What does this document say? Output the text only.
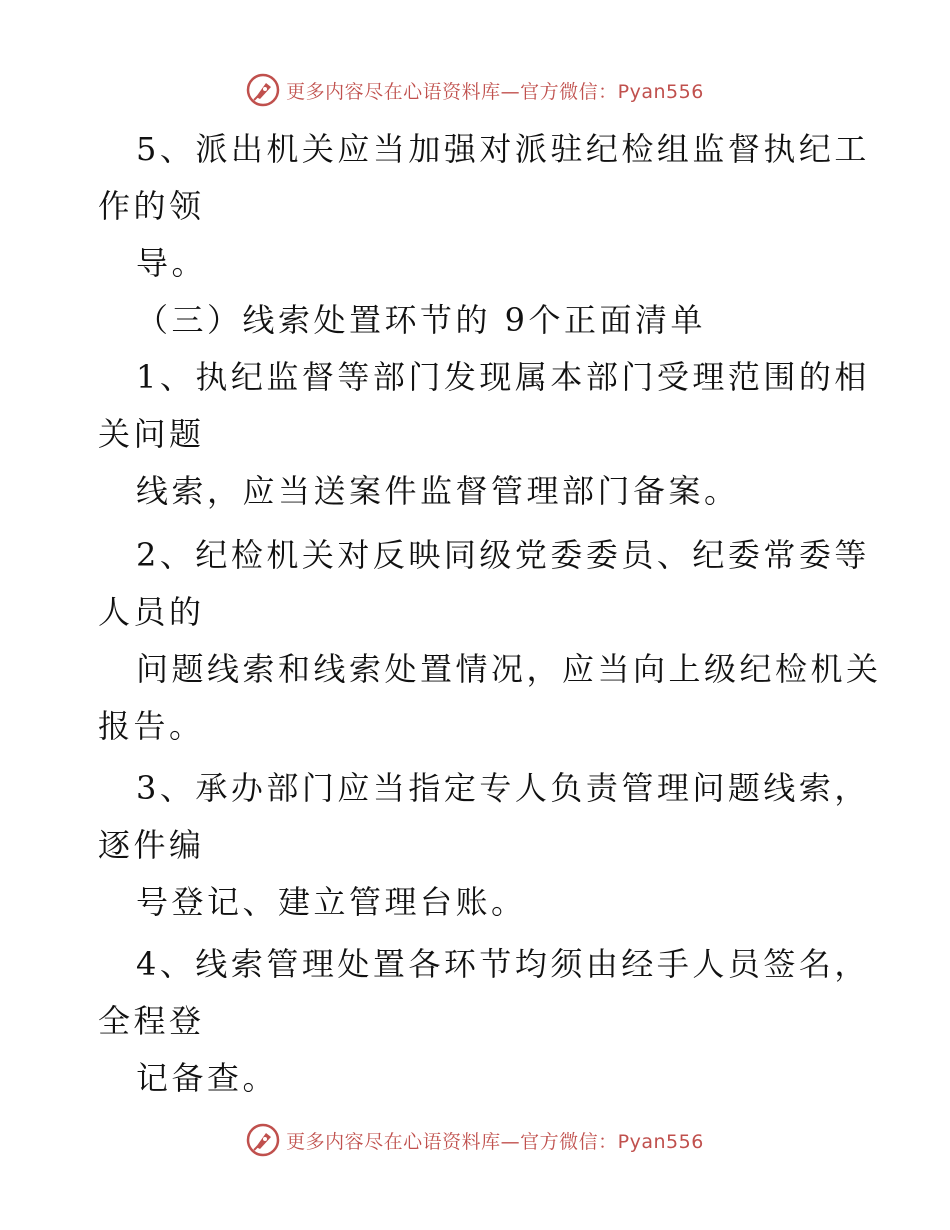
更多内容尽在心语资料库—官方微信：Pyan556
5、派出机关应当加强对派驻纪检组监督执纪工
作的领
导。
（三）线索处置环节的 9个正面清单
1、执纪监督等部门发现属本部门受理范围的相
关问题
线索，应当送案件监督管理部门备案。
2、纪检机关对反映同级党委委员、纪委常委等
人员的
问题线索和线索处置情况，应当向上级纪检机关
报告。
3、承办部门应当指定专人负责管理问题线索，
逐件编
号登记、建立管理台账。
4、线索管理处置各环节均须由经手人员签名，
全程登
记备查。
更多内容尽在心语资料库—官方微信：Pyan556
